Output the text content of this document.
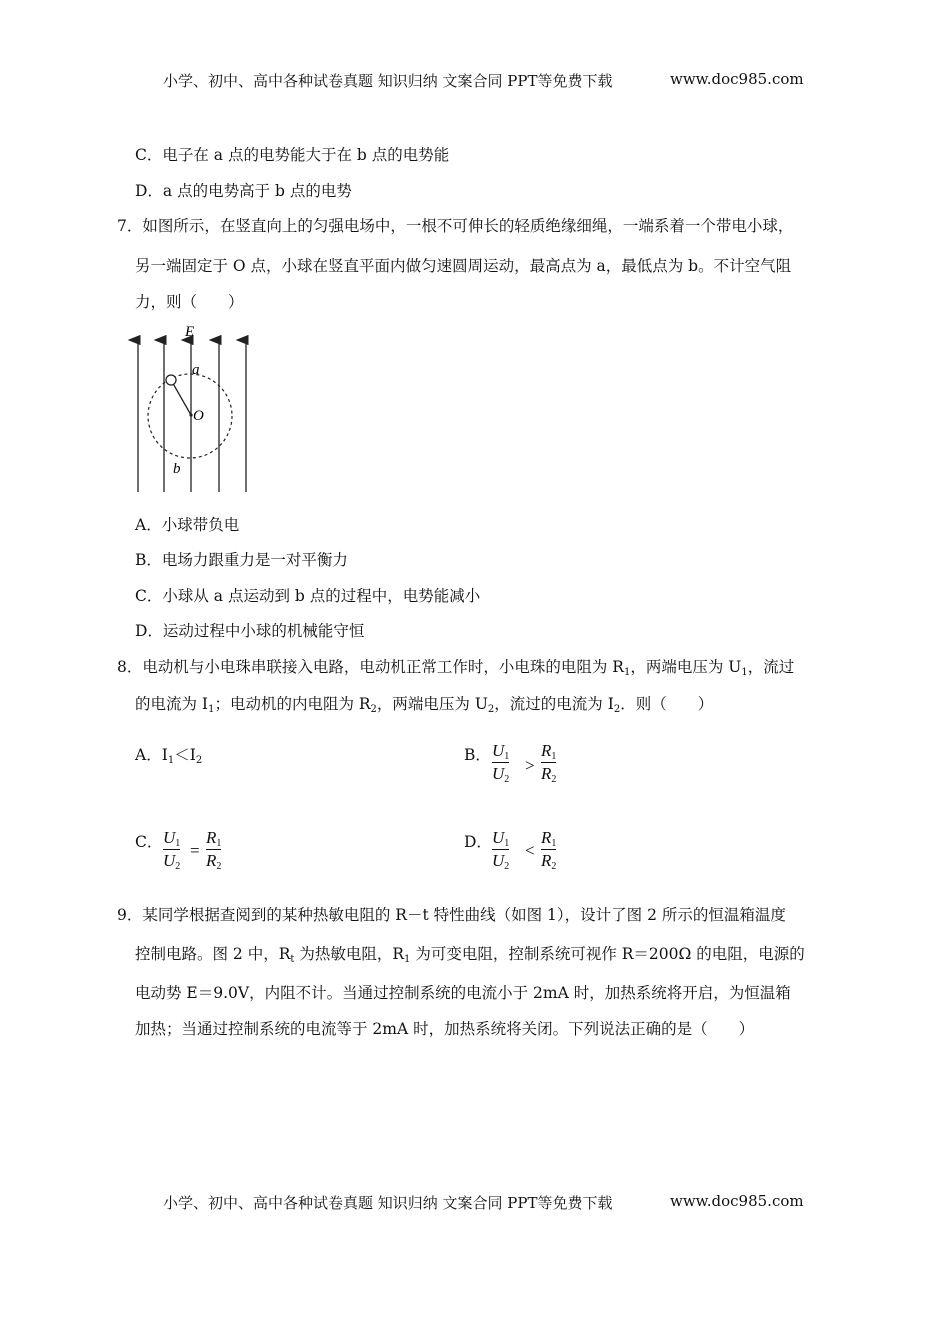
小学、初中、高中各种试卷真题 知识归纳 文案合同 PPT等免费下载	www.doc985.com
C．电子在 a 点的电势能大于在 b 点的电势能
D．a 点的电势高于 b 点的电势
7．如图所示，在竖直向上的匀强电场中，一根不可伸长的轻质绝缘细绳，一端系着一个带电小球，
另一端固定于 O 点，小球在竖直平面内做匀速圆周运动，最高点为 a，最低点为 b。不计空气阻
力，则（　　）
E
a
O
b
A．小球带负电
B．电场力跟重力是一对平衡力
C．小球从 a 点运动到 b 点的过程中，电势能减小
D．运动过程中小球的机械能守恒
8．电动机与小电珠串联接入电路，电动机正常工作时，小电珠的电阻为 $R_1$，两端电压为 $U_1$，流过
的电流为 $I_1$；电动机的内电阻为 $R_2$，两端电压为 $U_2$，流过的电流为 $I_2$．则（　　）
A．$I_1<I_2$	B． $U_1$
$U_2$
>
$R_1$
$R_2$
C． $U_1$
$U_2$
=
$R_1$
$R_2$
D． $U_1$
$U_2$
<
$R_1$
$R_2$
9．某同学根据查阅到的某种热敏电阻的 R－t 特性曲线（如图 1），设计了图 2 所示的恒温箱温度
控制电路。图 2 中，$R_t$ 为热敏电阻，$R_1$ 为可变电阻，控制系统可视作 R＝200Ω 的电阻，电源的
电动势 E＝9.0V，内阻不计。当通过控制系统的电流小于 2mA 时，加热系统将开启，为恒温箱
加热；当通过控制系统的电流等于 2mA 时，加热系统将关闭。下列说法正确的是（　　）
小学、初中、高中各种试卷真题 知识归纳 文案合同 PPT等免费下载	www.doc985.com
